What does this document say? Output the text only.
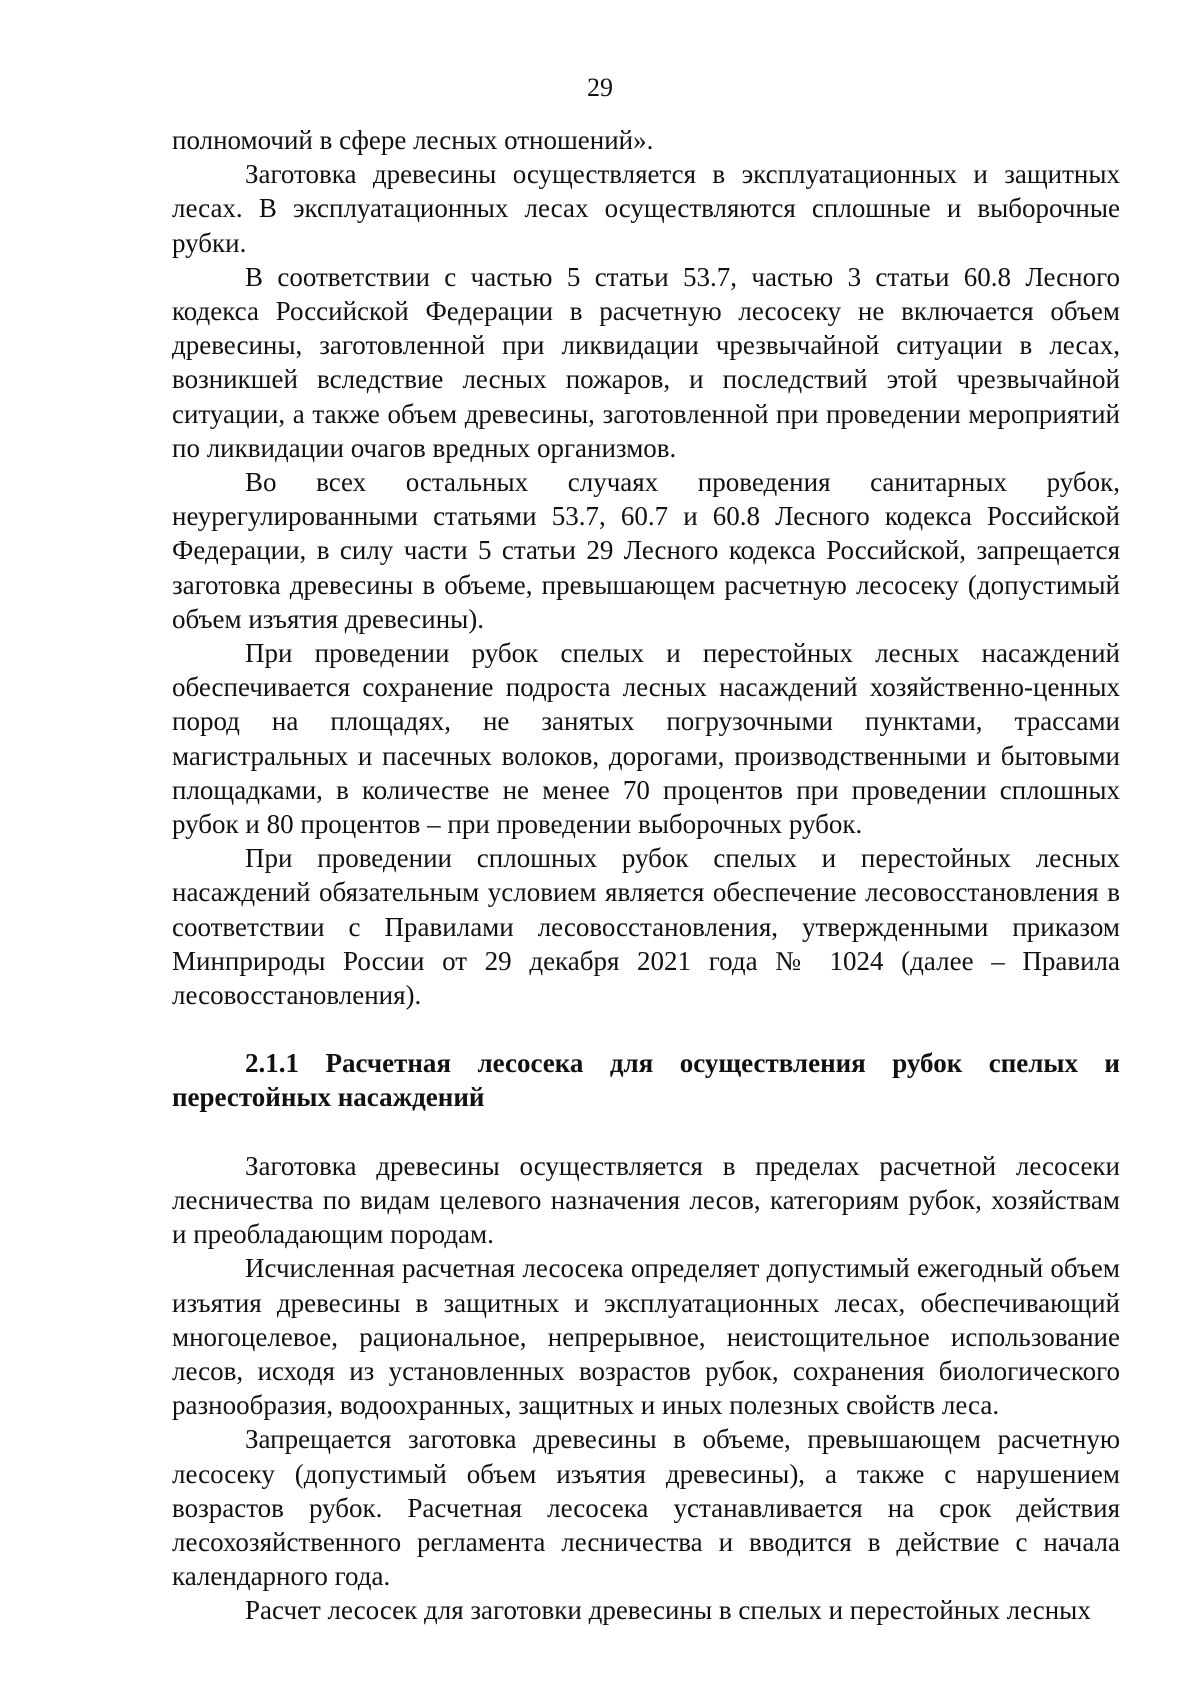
29

полномочий в сфере лесных отношений».

Заготовка древесины осуществляется в эксплуатационных и защитных лесах. В эксплуатационных лесах осуществляются сплошные и выборочные рубки.

В соответствии с частью 5 статьи 53.7, частью 3 статьи 60.8 Лесного кодекса Российской Федерации в расчетную лесосеку не включается объем древесины, заготовленной при ликвидации чрезвычайной ситуации в лесах, возникшей вследствие лесных пожаров, и последствий этой чрезвычайной ситуации, а также объем древесины, заготовленной при проведении мероприятий по ликвидации очагов вредных организмов.

Во всех остальных случаях проведения санитарных рубок, неурегулированными статьями 53.7, 60.7 и 60.8 Лесного кодекса Российской Федерации, в силу части 5 статьи 29 Лесного кодекса Российской, запрещается заготовка древесины в объеме, превышающем расчетную лесосеку (допустимый объем изъятия древесины).

При проведении рубок спелых и перестойных лесных насаждений обеспечивается сохранение подроста лесных насаждений хозяйственно-ценных пород на площадях, не занятых погрузочными пунктами, трассами магистральных и пасечных волоков, дорогами, производственными и бытовыми площадками, в количестве не менее 70 процентов при проведении сплошных рубок и 80 процентов – при проведении выборочных рубок.

При проведении сплошных рубок спелых и перестойных лесных насаждений обязательным условием является обеспечение лесовосстановления в соответствии с Правилами лесовосстановления, утвержденными приказом Минприроды России от 29 декабря 2021 года № 1024 (далее – Правила лесовосстановления).

2.1.1 Расчетная лесосека для осуществления рубок спелых и перестойных насаждений

Заготовка древесины осуществляется в пределах расчетной лесосеки лесничества по видам целевого назначения лесов, категориям рубок, хозяйствам и преобладающим породам.

Исчисленная расчетная лесосека определяет допустимый ежегодный объем изъятия древесины в защитных и эксплуатационных лесах, обеспечивающий многоцелевое, рациональное, непрерывное, неистощительное использование лесов, исходя из установленных возрастов рубок, сохранения биологического разнообразия, водоохранных, защитных и иных полезных свойств леса.

Запрещается заготовка древесины в объеме, превышающем расчетную лесосеку (допустимый объем изъятия древесины), а также с нарушением возрастов рубок. Расчетная лесосека устанавливается на срок действия лесохозяйственного регламента лесничества и вводится в действие с начала календарного года.

Расчет лесосек для заготовки древесины в спелых и перестойных лесных
